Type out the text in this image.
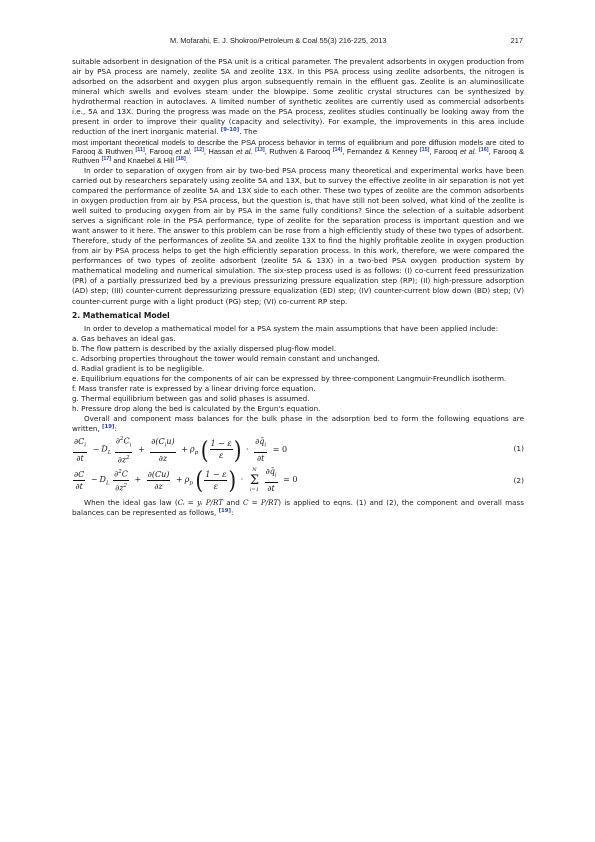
M. Mofarahi, E. J. Shokroo/Petroleum & Coal 55(3) 216-225, 2013	217

suitable adsorbent in designation of the PSA unit is a critical parameter. The prevalent adsorbents in oxygen production from air by PSA process are namely, zeolite 5A and zeolite 13X. In this PSA process using zeolite adsorbents, the nitrogen is adsorbed on the adsorbent and oxygen plus argon subsequently remain in the effluent gas. Zeolite is an aluminosilicate mineral which swells and evolves steam under the blowpipe. Some zeolitic crystal structures can be synthesized by hydrothermal reaction in autoclaves. A limited number of synthetic zeolites are currently used as commercial adsorbents i.e., 5A and 13X. During the progress was made on the PSA process, zeolites studies continually be looking away from the present in order to improve their quality (capacity and selectivity). For example, the improvements in this area include reduction of the inert inorganic material. [9-10]. The

most important theoretical models to describe the PSA process behavior in terms of equilibrium and pore diffusion models are cited to Farooq & Ruthven [11], Farooq et al. [12], Hassan et al. [13], Ruthven & Farooq [14], Fernandez & Kenney [15], Farooq et al. [16], Farooq & Ruthven [17] and Knaebel & Hill [18].

In order to separation of oxygen from air by two-bed PSA process many theoretical and experimental works have been carried out by researchers separately using zeolite 5A and 13X, but to survey the effective zeolite in air separation is not yet compared the performance of zeolite 5A and 13X side to each other. These two types of zeolite are the common adsorbents in oxygen production from air by PSA process, but the question is, that have still not been solved, what kind of the zeolite is well suited to producing oxygen from air by PSA in the same fully conditions? Since the selection of a suitable adsorbent serves a significant role in the PSA performance, type of zeolite for the separation process is important question and we want answer to it here. The answer to this problem can be rose from a high efficiently study of these two types of adsorbent. Therefore, study of the performances of zeolite 5A and zeolite 13X to find the highly profitable zeolite in oxygen production from air by PSA process helps to get the high efficiently separation process. In this work, therefore, we were compared the performances of two types of zeolite adsorbent (zeolite 5A & 13X) in a two-bed PSA oxygen production system by mathematical modeling and numerical simulation. The six-step process used is as follows: (I) co-current feed pressurization (PR) of a partially pressurized bed by a previous pressurizing pressure equalization step (RP); (II) high-pressure adsorption (AD) step; (III) counter-current depressurizing pressure equalization (ED) step; (IV) counter-current blow down (BD) step; (V) counter-current purge with a light product (PG) step; (VI) co-current RP step.

2. Mathematical Model

In order to develop a mathematical model for a PSA system the main assumptions that have been applied include:

a. Gas behaves an ideal gas.

b. The flow pattern is described by the axially dispersed plug-flow model.

c. Adsorbing properties throughout the tower would remain constant and unchanged.

d. Radial gradient is to be negligible.

e. Equilibrium equations for the components of air can be expressed by three-component Langmuir-Freundlich isotherm.

f. Mass transfer rate is expressed by a linear driving force equation.

g. Thermal equilibrium between gas and solid phases is assumed.

h. Pressure drop along the bed is calculated by the Ergun's equation.

Overall and component mass balances for the bulk phase in the adsorption bed to form the following equations are written, [19]:

$\frac{\partial C_i}{\partial t} - D_L \frac{\partial^2C_i}{\partial z^2} + \frac{\partial(C_iu)}{\partial z} + \rho_p$ ( $\frac{1 - \varepsilon}{\varepsilon}$ ) · $\frac{\partial q̄_i}{\partial t} = 0$	(1)
$\frac{\partial C}{\partial t} - D_L \frac{\partial^2C}{\partial z^2} + \frac{\partial(Cu)}{\partial z} + \rho_p$ ( $\frac{1 - \varepsilon}{\varepsilon}$ ) ·
N
Σ
i=1
$\frac{\partial q̄_i}{\partial t} = 0$	(2)

When the ideal gas law (Cᵢ = yᵢ P/RT and C = P/RT) is applied to eqns. (1) and (2), the component and overall mass balances can be represented as follows, [19]:
